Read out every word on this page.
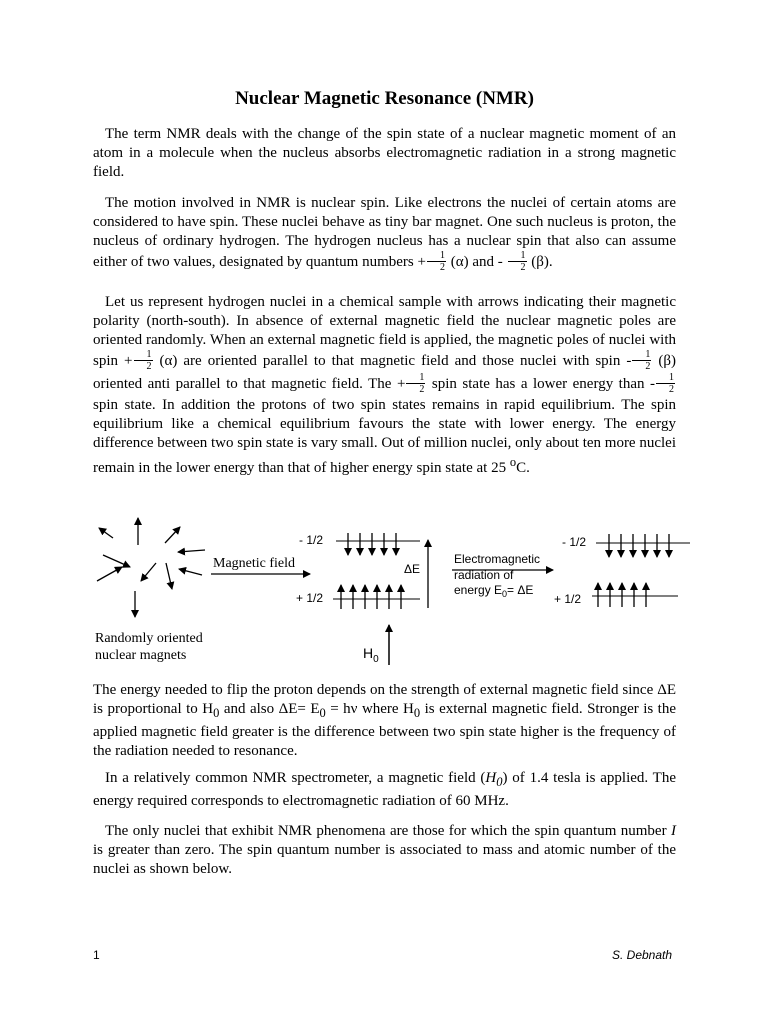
Nuclear Magnetic Resonance (NMR)

The term NMR deals with the change of the spin state of a nuclear magnetic moment of an atom in a molecule when the nucleus absorbs electromagnetic radiation in a strong magnetic field.

The motion involved in NMR is nuclear spin. Like electrons the nuclei of certain atoms are considered to have spin. These nuclei behave as tiny bar magnet. One such nucleus is proton, the nucleus of ordinary hydrogen. The hydrogen nucleus has a nuclear spin that also can assume either of two values, designated by quantum numbers + $\frac{1}{2} (\alpha)$ and - $\frac{1}{2} (\beta)$.

Let us represent hydrogen nuclei in a chemical sample with arrows indicating their magnetic polarity (north-south). In absence of external magnetic field the nuclear magnetic poles are oriented randomly. When an external magnetic field is applied, the magnetic poles of nuclei with spin + $\frac{1}{2} (\alpha)$ are oriented parallel to that magnetic field and those nuclei with spin - $\frac{1}{2} (\beta)$ oriented anti parallel to that magnetic field. The + $\frac{1}{2}$ spin state has a lower energy than - $\frac{1}{2}$
spin state. In addition the protons of two spin states remains in rapid equilibrium. The spin equilibrium like a chemical equilibrium favours the state with lower energy. The energy difference between two spin state is vary small. Out of million nuclei, only about ten more nuclei remain in the lower energy than that of higher energy spin state at 25 $^o$C.

The energy needed to flip the proton depends on the strength of external magnetic field since ΔE is proportional to $H_0$ and also $\Delta E= E_0 = h\nu$ where $H_0$ is external magnetic field. Stronger is the applied magnetic field greater is the difference between two spin state higher is the frequency of the radiation needed to resonance.

In a relatively common NMR spectrometer, a magnetic field $(H_0)$ of 1.4 tesla is applied. The energy required corresponds to electromagnetic radiation of 60 MHz.

The only nuclei that exhibit NMR phenomena are those for which the spin quantum number I is greater than zero. The spin quantum number is associated to mass and atomic number of the nuclei as shown below.

Randomly oriented
nuclear magnets
Magnetic field
- 1/2
+ 1/2
ΔE
$H_0$
Electromagnetic
radiation of
energy $E_0= \Delta E$
- 1/2
+ 1/2
1	S. Debnath
